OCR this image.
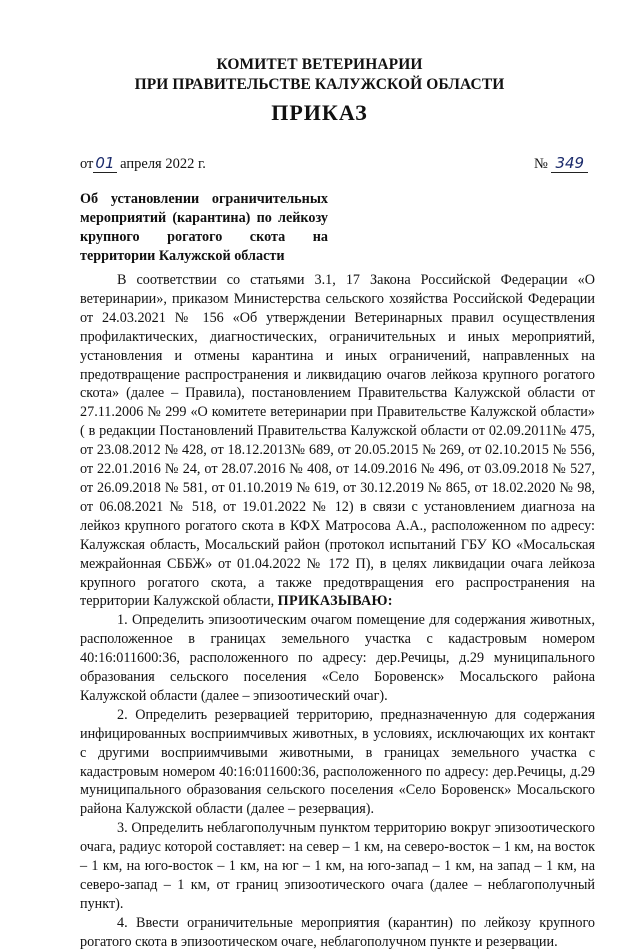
КОМИТЕТ ВЕТЕРИНАРИИ
ПРИ ПРАВИТЕЛЬСТВЕ КАЛУЖСКОЙ ОБЛАСТИ
ПРИКАЗ
от 01 апреля 2022 г.	№ 349
Об установлении ограничительных мероприятий (карантина) по лейкозу крупного рогатого скота на территории Калужской области

В соответствии со статьями 3.1, 17 Закона Российской Федерации «О ветеринарии», приказом Министерства сельского хозяйства Российской Федерации от 24.03.2021 № 156 «Об утверждении Ветеринарных правил осуществления профилактических, диагностических, ограничительных и иных мероприятий, установления и отмены карантина и иных ограничений, направленных на предотвращение распространения и ликвидацию очагов лейкоза крупного рогатого скота» (далее – Правила), постановлением Правительства Калужской области от 27.11.2006 № 299 «О комитете ветеринарии при Правительстве Калужской области» ( в редакции Постановлений Правительства Калужской области от 02.09.2011№ 475, от 23.08.2012 № 428, от 18.12.2013№ 689, от 20.05.2015 № 269, от 02.10.2015 № 556, от 22.01.2016 № 24, от 28.07.2016 № 408, от 14.09.2016 № 496, от 03.09.2018 № 527, от 26.09.2018 № 581, от 01.10.2019 № 619, от 30.12.2019 № 865, от 18.02.2020 № 98, от 06.08.2021 № 518, от 19.01.2022 № 12) в связи с установлением диагноза на лейкоз крупного рогатого скота в КФХ Матросова А.А., расположенном по адресу: Калужская область, Мосальский район (протокол испытаний ГБУ КО «Мосальская межрайонная СББЖ» от 01.04.2022 № 172 П), в целях ликвидации очага лейкоза крупного рогатого скота, а также предотвращения его распространения на территории Калужской области, ПРИКАЗЫВАЮ:

1. Определить эпизоотическим очагом помещение для содержания животных, расположенное в границах земельного участка с кадастровым номером 40:16:011600:36, расположенного по адресу: дер.Речицы, д.29 муниципального образования сельского поселения «Село Боровенск» Мосальского района Калужской области (далее – эпизоотический очаг).

2. Определить резервацией территорию, предназначенную для содержания инфицированных восприимчивых животных, в условиях, исключающих их контакт с другими восприимчивыми животными, в границах земельного участка с кадастровым номером 40:16:011600:36, расположенного по адресу: дер.Речицы, д.29 муниципального образования сельского поселения «Село Боровенск» Мосальского района Калужской области (далее – резервация).

3. Определить неблагополучным пунктом территорию вокруг эпизоотического очага, радиус которой составляет: на север – 1 км, на северо-восток – 1 км, на восток – 1 км, на юго-восток – 1 км, на юг – 1 км, на юго-запад – 1 км, на запад – 1 км, на северо-запад – 1 км, от границ эпизоотического очага (далее – неблагополучный пункт).

4. Ввести ограничительные мероприятия (карантин) по лейкозу крупного рогатого скота в эпизоотическом очаге, неблагополучном пункте и резервации.
